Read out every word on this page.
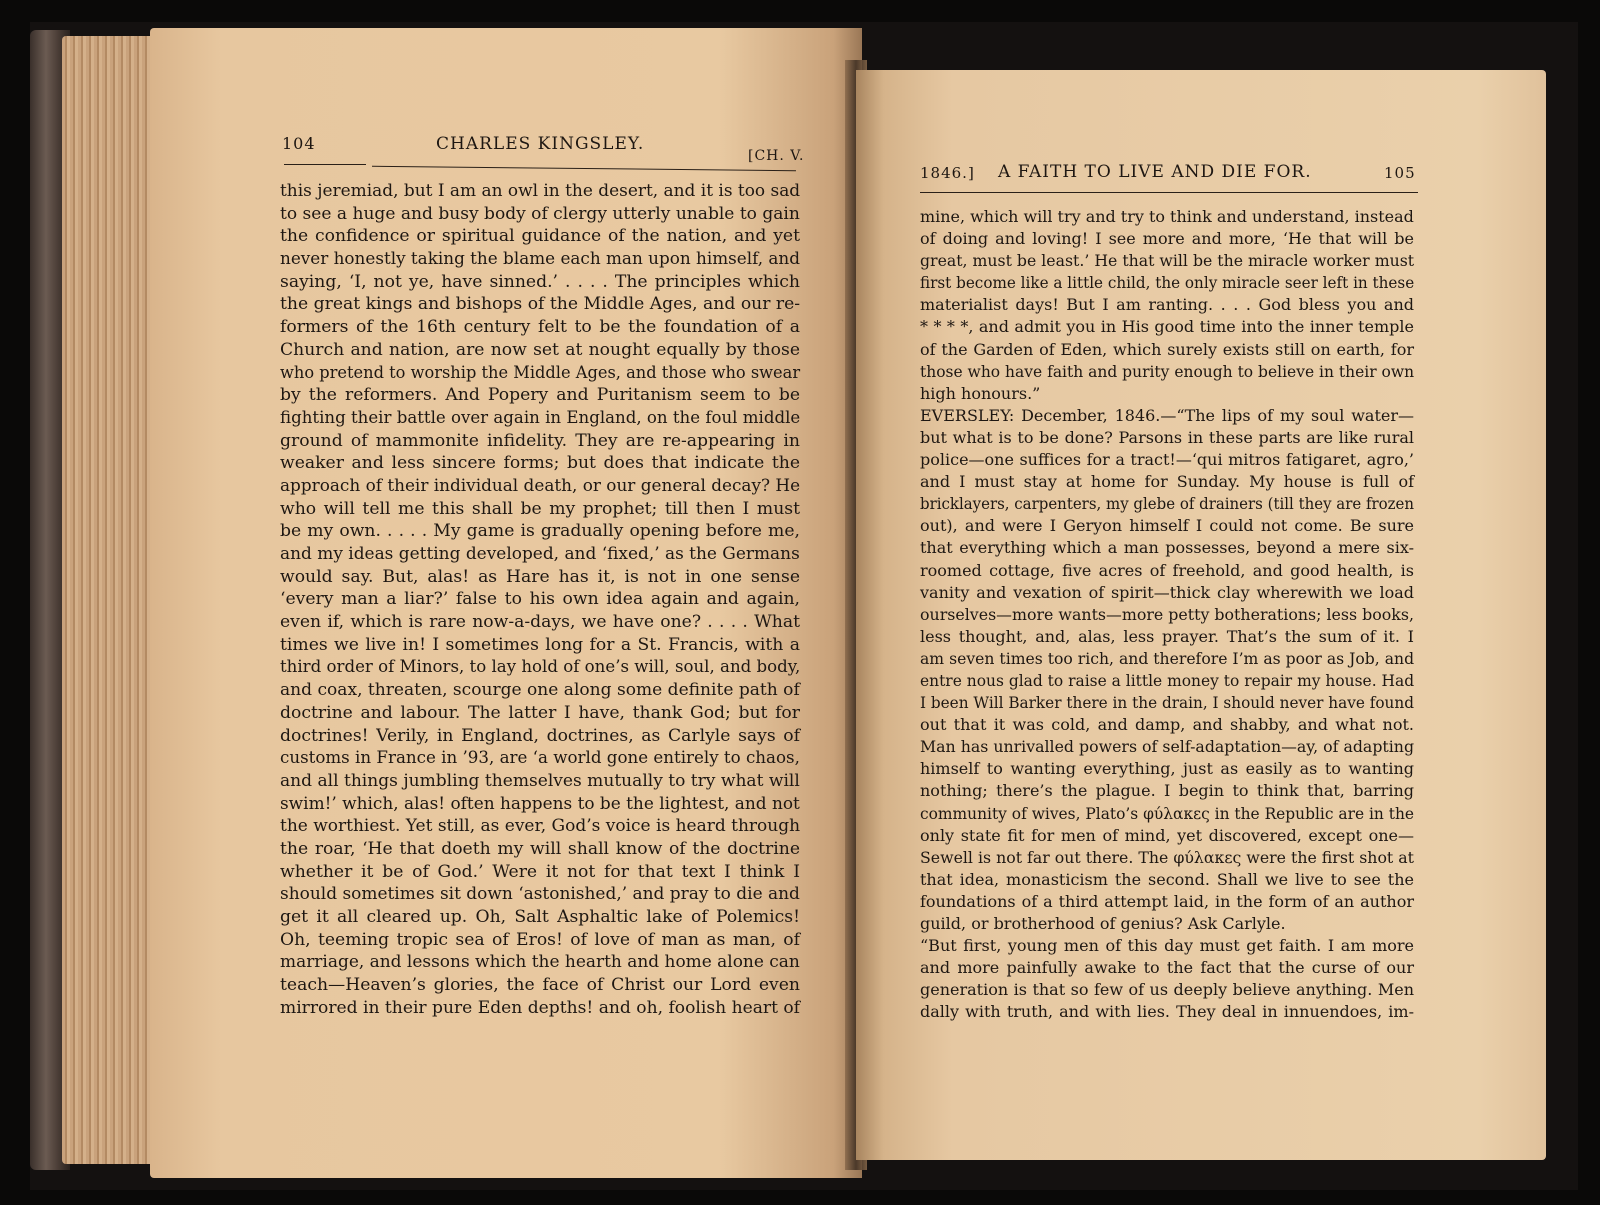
104	CHARLES KINGSLEY.
[CH. V.
this jeremiad, but I am an owl in the desert, and it is too sad
to see a huge and busy body of clergy utterly unable to gain
the confidence or spiritual guidance of the nation, and yet
never honestly taking the blame each man upon himself, and
saying, ‘I, not ye, have sinned.’ . . . . The principles which
the great kings and bishops of the Middle Ages, and our re-
formers of the 16th century felt to be the foundation of a
Church and nation, are now set at nought equally by those
who pretend to worship the Middle Ages, and those who swear
by the reformers. And Popery and Puritanism seem to be
fighting their battle over again in England, on the foul middle
ground of mammonite infidelity. They are re-appearing in
weaker and less sincere forms; but does that indicate the
approach of their individual death, or our general decay? He
who will tell me this shall be my prophet; till then I must
be my own. . . . . My game is gradually opening before me,
and my ideas getting developed, and ‘fixed,’ as the Germans
would say. But, alas! as Hare has it, is not in one sense
‘every man a liar?’ false to his own idea again and again,
even if, which is rare now-a-days, we have one? . . . . What
times we live in! I sometimes long for a St. Francis, with a
third order of Minors, to lay hold of one’s will, soul, and body,
and coax, threaten, scourge one along some definite path of
doctrine and labour. The latter I have, thank God; but for
doctrines! Verily, in England, doctrines, as Carlyle says of
customs in France in ’93, are ‘a world gone entirely to chaos,
and all things jumbling themselves mutually to try what will
swim!’ which, alas! often happens to be the lightest, and not
the worthiest. Yet still, as ever, God’s voice is heard through
the roar, ‘He that doeth my will shall know of the doctrine
whether it be of God.’ Were it not for that text I think I
should sometimes sit down ‘astonished,’ and pray to die and
get it all cleared up. Oh, Salt Asphaltic lake of Polemics!
Oh, teeming tropic sea of Eros! of love of man as man, of
marriage, and lessons which the hearth and home alone can
teach—Heaven’s glories, the face of Christ our Lord even
mirrored in their pure Eden depths! and oh, foolish heart of
1846.] A FAITH TO LIVE AND DIE FOR.	105
mine, which will try and try to think and understand, instead
of doing and loving! I see more and more, ‘He that will be
great, must be least.’ He that will be the miracle worker must
first become like a little child, the only miracle seer left in these
materialist days! But I am ranting. . . . God bless you and
* * * *, and admit you in His good time into the inner temple
of the Garden of Eden, which surely exists still on earth, for
those who have faith and purity enough to believe in their own
high honours.”
EVERSLEY: December, 1846.—“The lips of my soul water—
but what is to be done? Parsons in these parts are like rural
police—one suffices for a tract!—‘qui mitros fatigaret, agro,’
and I must stay at home for Sunday. My house is full of
bricklayers, carpenters, my glebe of drainers (till they are frozen
out), and were I Geryon himself I could not come. Be sure
that everything which a man possesses, beyond a mere six-
roomed cottage, five acres of freehold, and good health, is
vanity and vexation of spirit—thick clay wherewith we load
ourselves—more wants—more petty botherations; less books,
less thought, and, alas, less prayer. That’s the sum of it. I
am seven times too rich, and therefore I’m as poor as Job, and
entre nous glad to raise a little money to repair my house. Had
I been Will Barker there in the drain, I should never have found
out that it was cold, and damp, and shabby, and what not.
Man has unrivalled powers of self-adaptation—ay, of adapting
himself to wanting everything, just as easily as to wanting
nothing; there’s the plague. I begin to think that, barring
community of wives, Plato’s φύλακες in the Republic are in the
only state fit for men of mind, yet discovered, except one—
Sewell is not far out there. The φύλακες were the first shot at
that idea, monasticism the second. Shall we live to see the
foundations of a third attempt laid, in the form of an author
guild, or brotherhood of genius? Ask Carlyle.
“But first, young men of this day must get faith. I am more
and more painfully awake to the fact that the curse of our
generation is that so few of us deeply believe anything. Men
dally with truth, and with lies. They deal in innuendoes, im-
